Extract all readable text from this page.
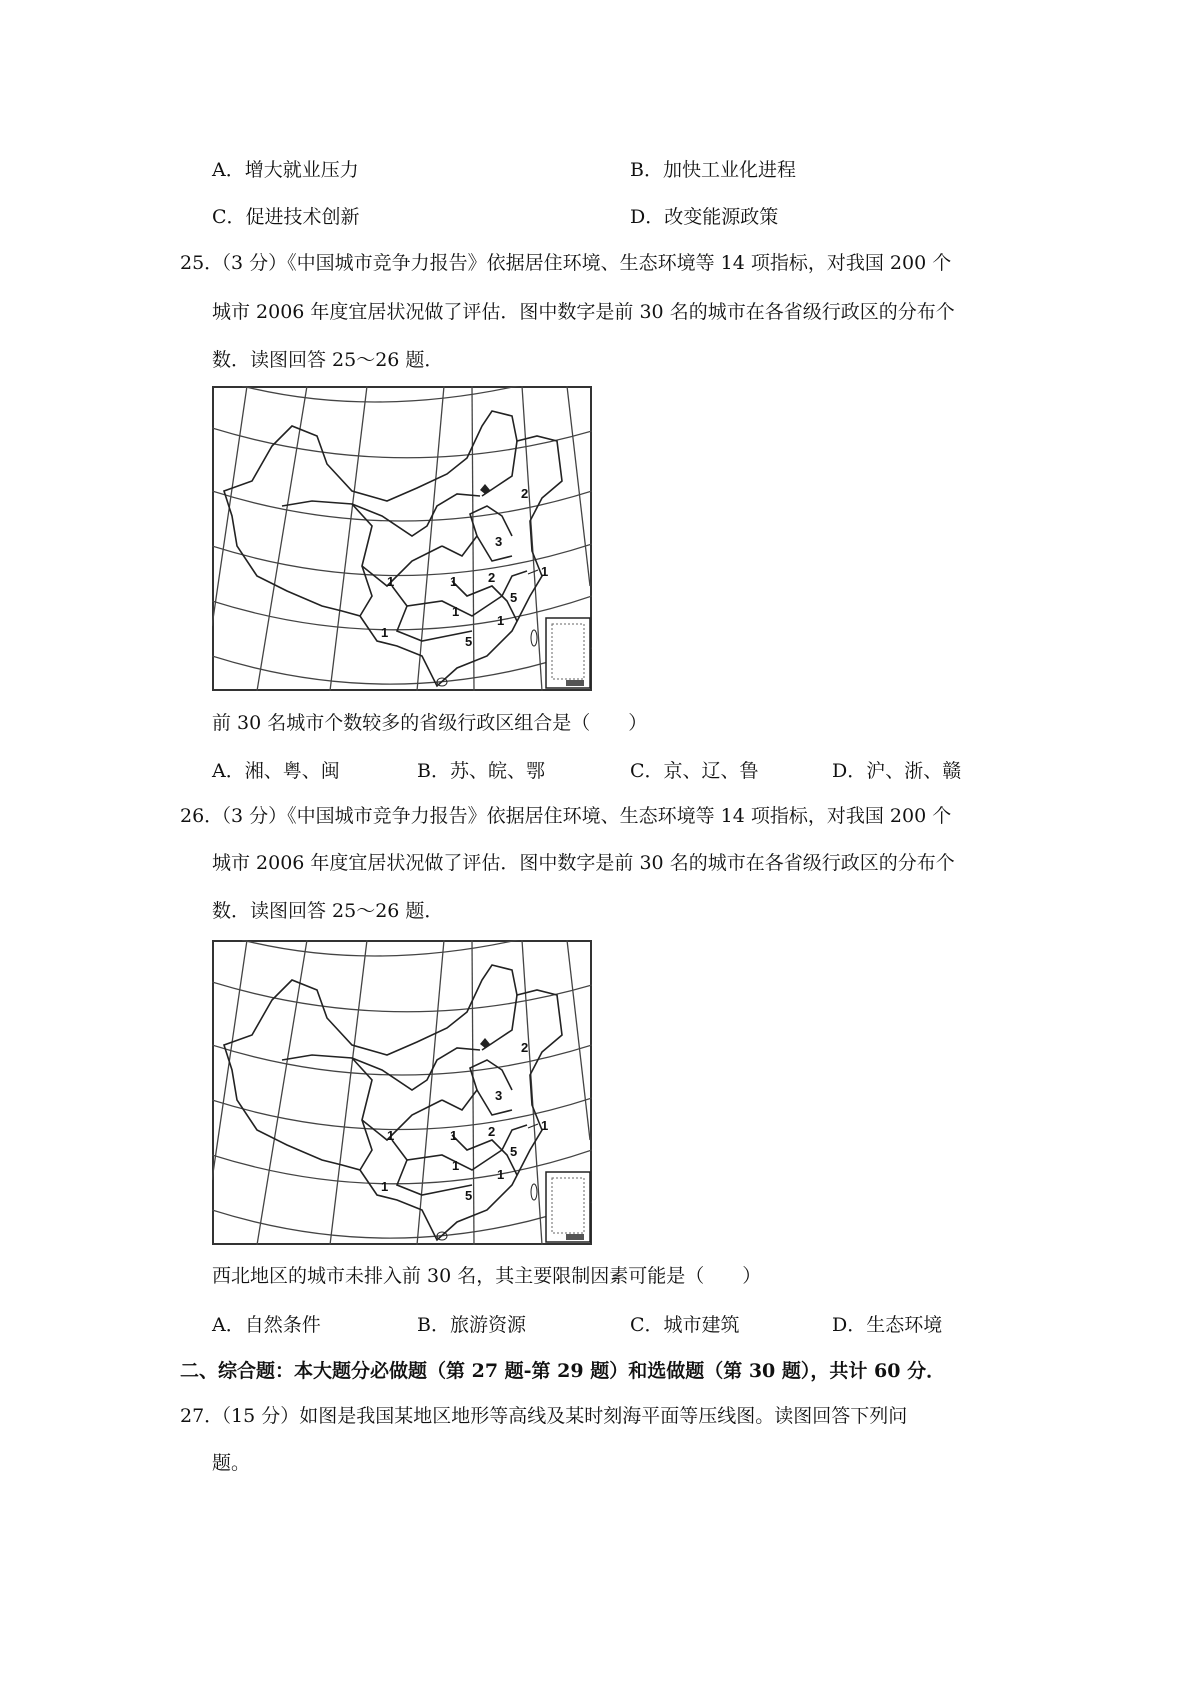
A．增大就业压力	B．加快工业化进程
C．促进技术创新	D．改变能源政策
25．
（3 分）《中国城市竞争力报告》依据居住环境、生态环境等 14 项指标，对我国 200 个
城市 2006 年度宜居状况做了评估．图中数字是前 30 名的城市在各省级行政区的分布个
数．读图回答 25～26 题．
2
3
1
2
1	1
5
1
1
1
5
前 30 名城市个数较多的省级行政区组合是（　　）
A．湘、粤、闽	B．苏、皖、鄂	C．京、辽、鲁	D．沪、浙、赣
26．
（3 分）《中国城市竞争力报告》依据居住环境、生态环境等 14 项指标，对我国 200 个
城市 2006 年度宜居状况做了评估．图中数字是前 30 名的城市在各省级行政区的分布个
数．读图回答 25～26 题．
2
3
1
2
1	1
5
1
1
1
5
西北地区的城市未排入前 30 名，其主要限制因素可能是（　　）
A．自然条件	B．旅游资源	C．城市建筑	D．生态环境
二、综合题：本大题分必做题（第 27 题-第 29 题）和选做题（第 30 题），共计 60 分．
27．
（15 分）如图是我国某地区地形等高线及某时刻海平面等压线图。读图回答下列问
题。
